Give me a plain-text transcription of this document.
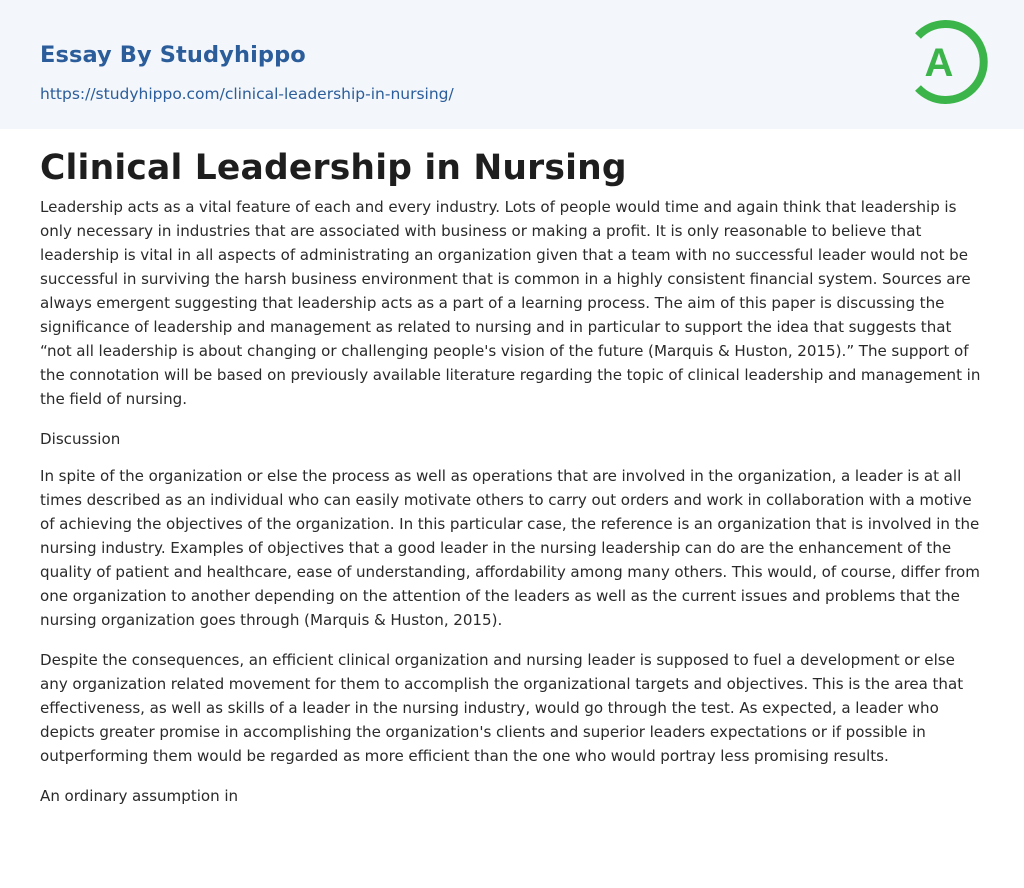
Essay By Studyhippo
https://studyhippo.com/clinical-leadership-in-nursing/
A
Clinical Leadership in Nursing

Leadership acts as a vital feature of each and every industry. Lots of people would time and again think that leadership is only necessary in industries that are associated with business or making a profit. It is only reasonable to believe that leadership is vital in all aspects of administrating an organization given that a team with no successful leader would not be successful in surviving the harsh business environment that is common in a highly consistent financial system. Sources are always emergent suggesting that leadership acts as a part of a learning process. The aim of this paper is discussing the significance of leadership and management as related to nursing and in particular to support the idea that suggests that “not all leadership is about changing or challenging people's vision of the future (Marquis & Huston, 2015).” The support of the connotation will be based on previously available literature regarding the topic of clinical leadership and management in the field of nursing.

Discussion

In spite of the organization or else the process as well as operations that are involved in the organization, a leader is at all times described as an individual who can easily motivate others to carry out orders and work in collaboration with a motive of achieving the objectives of the organization. In this particular case, the reference is an organization that is involved in the nursing industry. Examples of objectives that a good leader in the nursing leadership can do are the enhancement of the quality of patient and healthcare, ease of understanding, affordability among many others. This would, of course, differ from one organization to another depending on the attention of the leaders as well as the current issues and problems that the nursing organization goes through (Marquis & Huston, 2015).

Despite the consequences, an efficient clinical organization and nursing leader is supposed to fuel a development or else any organization related movement for them to accomplish the organizational targets and objectives. This is the area that effectiveness, as well as skills of a leader in the nursing industry, would go through the test. As expected, a leader who depicts greater promise in accomplishing the organization's clients and superior leaders expectations or if possible in outperforming them would be regarded as more efficient than the one who would portray less promising results.

An ordinary assumption in
